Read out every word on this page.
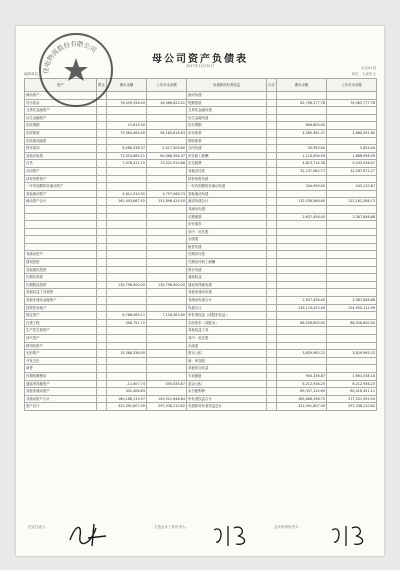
母公司资产负债表
2017年12月31日	会企01表
编制单位：	单位：人民币元
资产	附注	期末余额	上年年末余额	负债和所有者权益	行次	期末余额	上年年末余额
流动资产：				流动负债：			
货币资金		76,459,258.49	26,466,822.41	短期借款		82,708,277.78	76,063,777.78
交易性金融资产				交易性金融负债			
衍生金融资产				衍生金融负债			
应收票据		12,615.00		应付票据		806,800.00	
应收账款		75,564,464.09	56,163,618.63	应付账款		4,585,361.37	2,680,391.85
应收款项融资				预收账款			
预付款项		6,586,538.37	2,417,509.80	合同负债		29,950.00	2,854.44
其他应收款		72,010,869.21	60,068,394.37	应付职工薪酬		1,114,906.59	1,686,998.59
存货		7,478,411.15	13,022,910.66	应交税费		4,813,714.38	9,033,036.07
合同资产				其他应付款		32,137,062.77	32,287,672.27
持有待售资产				持有待售负债			
一年内到期的非流动资产				一年内到期的非流动负债		344,990.00	243,120.87
其他流动资产		4,811,910.55	3,757,068.73	其他流动负债			
流动资产合计		162,403,687.92	151,896,424.00	流动负债合计		132,536,566.60	122,162,266.13
				非流动负债：			
				长期借款		2,637,456.45	2,387,846.86
				应付债券			
				其中：优先股			
				永续债			
				租赁负债			
非流动资产：				长期应付款			
债权投资				长期应付职工薪酬			
其他债权投资				预计负债			
长期应收款				递延收益			
长期股权投资		135,796,000.00	135,796,000.00	递延所得税负债			
其他权益工具投资				其他非流动负债			
其他非流动金融资产				非流动负债合计		2,637,456.45	2,387,846.86
投资性房地产				负债合计		135,174,023.05	124,550,112.99
固定资产		6,768,069.11	7,126,363.60	所有者权益（或股东权益）：			
在建工程		396,751.72		实收资本（或股本）		86,526,600.00	86,526,600.00
生产性生物资产				其他权益工具			
油气资产				其中：优先股			
使用权资产				永续债			
无形资产		15,388,336.00		资本公积		3,829,965.22	3,829,965.22
开发支出				减：库存股			
商誉				其他综合收益			
长期待摊费用				专项储备		945,336.87	1,661,038.18
递延所得税资产		-11,607.74	405,035.87	盈余公积		6,212,936.25	6,212,936.25
其他非流动资产		332,406.83		未分配利润		89,337,124.69	80,316,451.11
非流动资产合计		160,188,119.57	143,521,646.64	所有者权益合计		185,688,256.75	177,251,952.94
资产总计		322,591,807.49	297,338,210.62	负债和所有者权益总计		322,591,807.49	297,338,210.62
法定代表人：	主管会计工作负责人：	会计机构负责人：
佳电物流股份有限公司
